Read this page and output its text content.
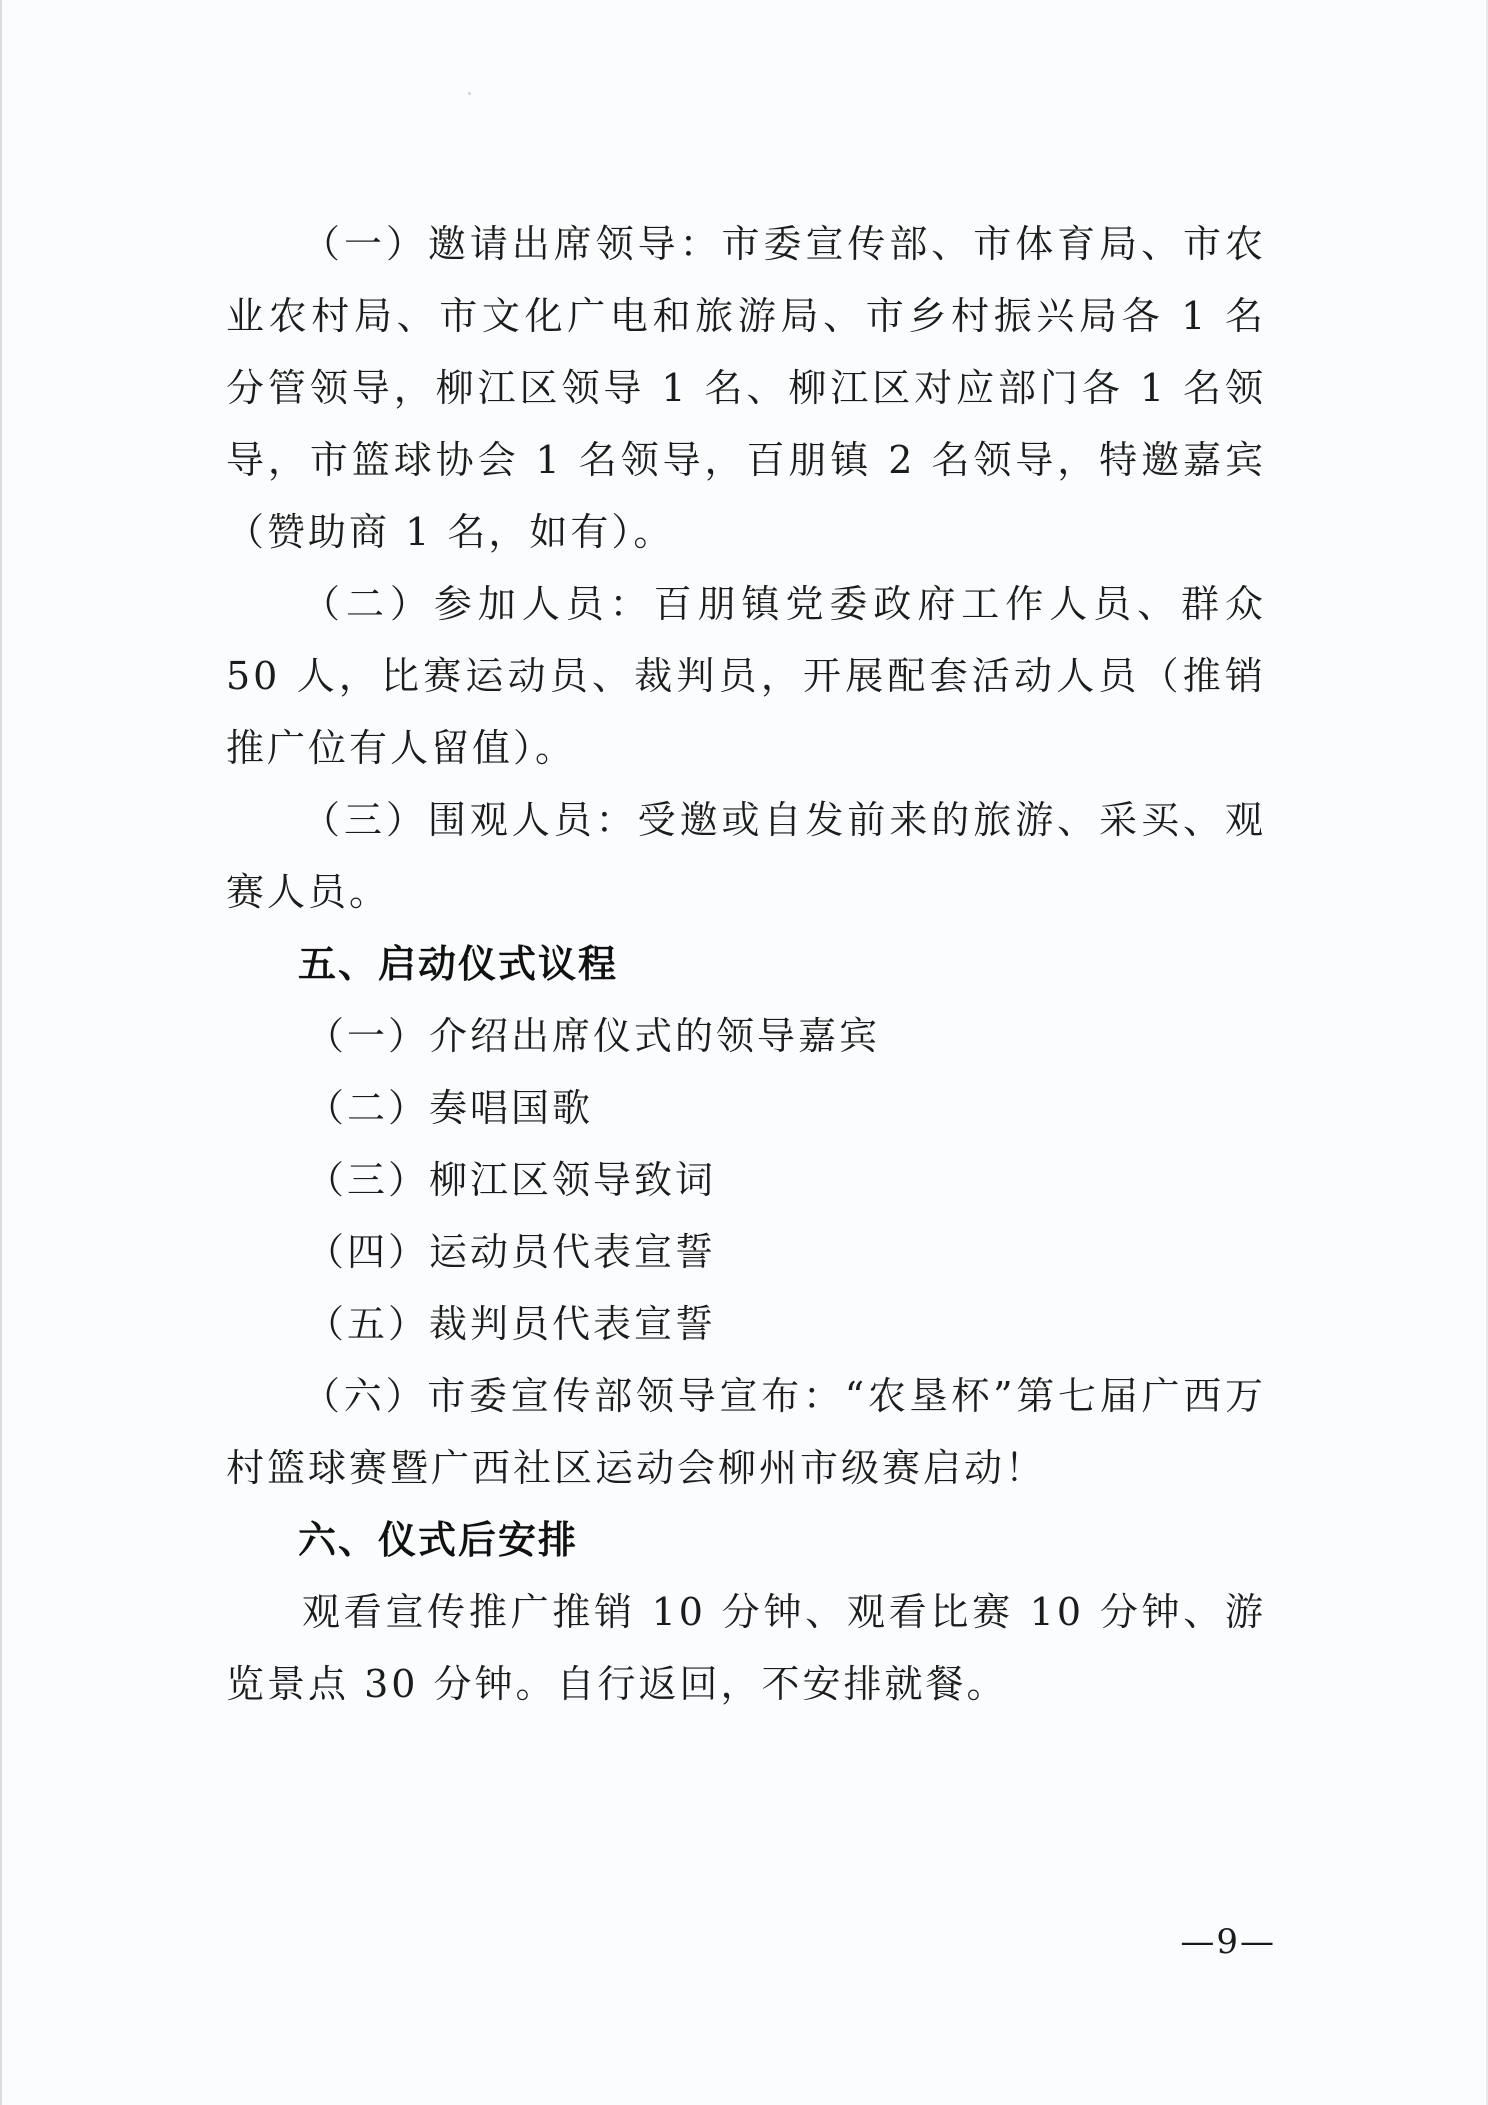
（一）邀请出席领导：市委宣传部、市体育局、市农业农村局、市文化广电和旅游局、市乡村振兴局各 1 名分管领导，柳江区领导 1 名、柳江区对应部门各 1 名领导，市篮球协会 1 名领导，百朋镇 2 名领导，特邀嘉宾（赞助商 1 名，如有）。

（二）参加人员：百朋镇党委政府工作人员、群众 50 人，比赛运动员、裁判员，开展配套活动人员（推销推广位有人留值）。

（三）围观人员：受邀或自发前来的旅游、采买、观赛人员。

五、启动仪式议程

（一）介绍出席仪式的领导嘉宾

（二）奏唱国歌

（三）柳江区领导致词

（四）运动员代表宣誓

（五）裁判员代表宣誓

（六）市委宣传部领导宣布：“农垦杯”第七届广西万村篮球赛暨广西社区运动会柳州市级赛启动！

六、仪式后安排

观看宣传推广推销 10 分钟、观看比赛 10 分钟、游览景点 30 分钟。自行返回，不安排就餐。

—9—
